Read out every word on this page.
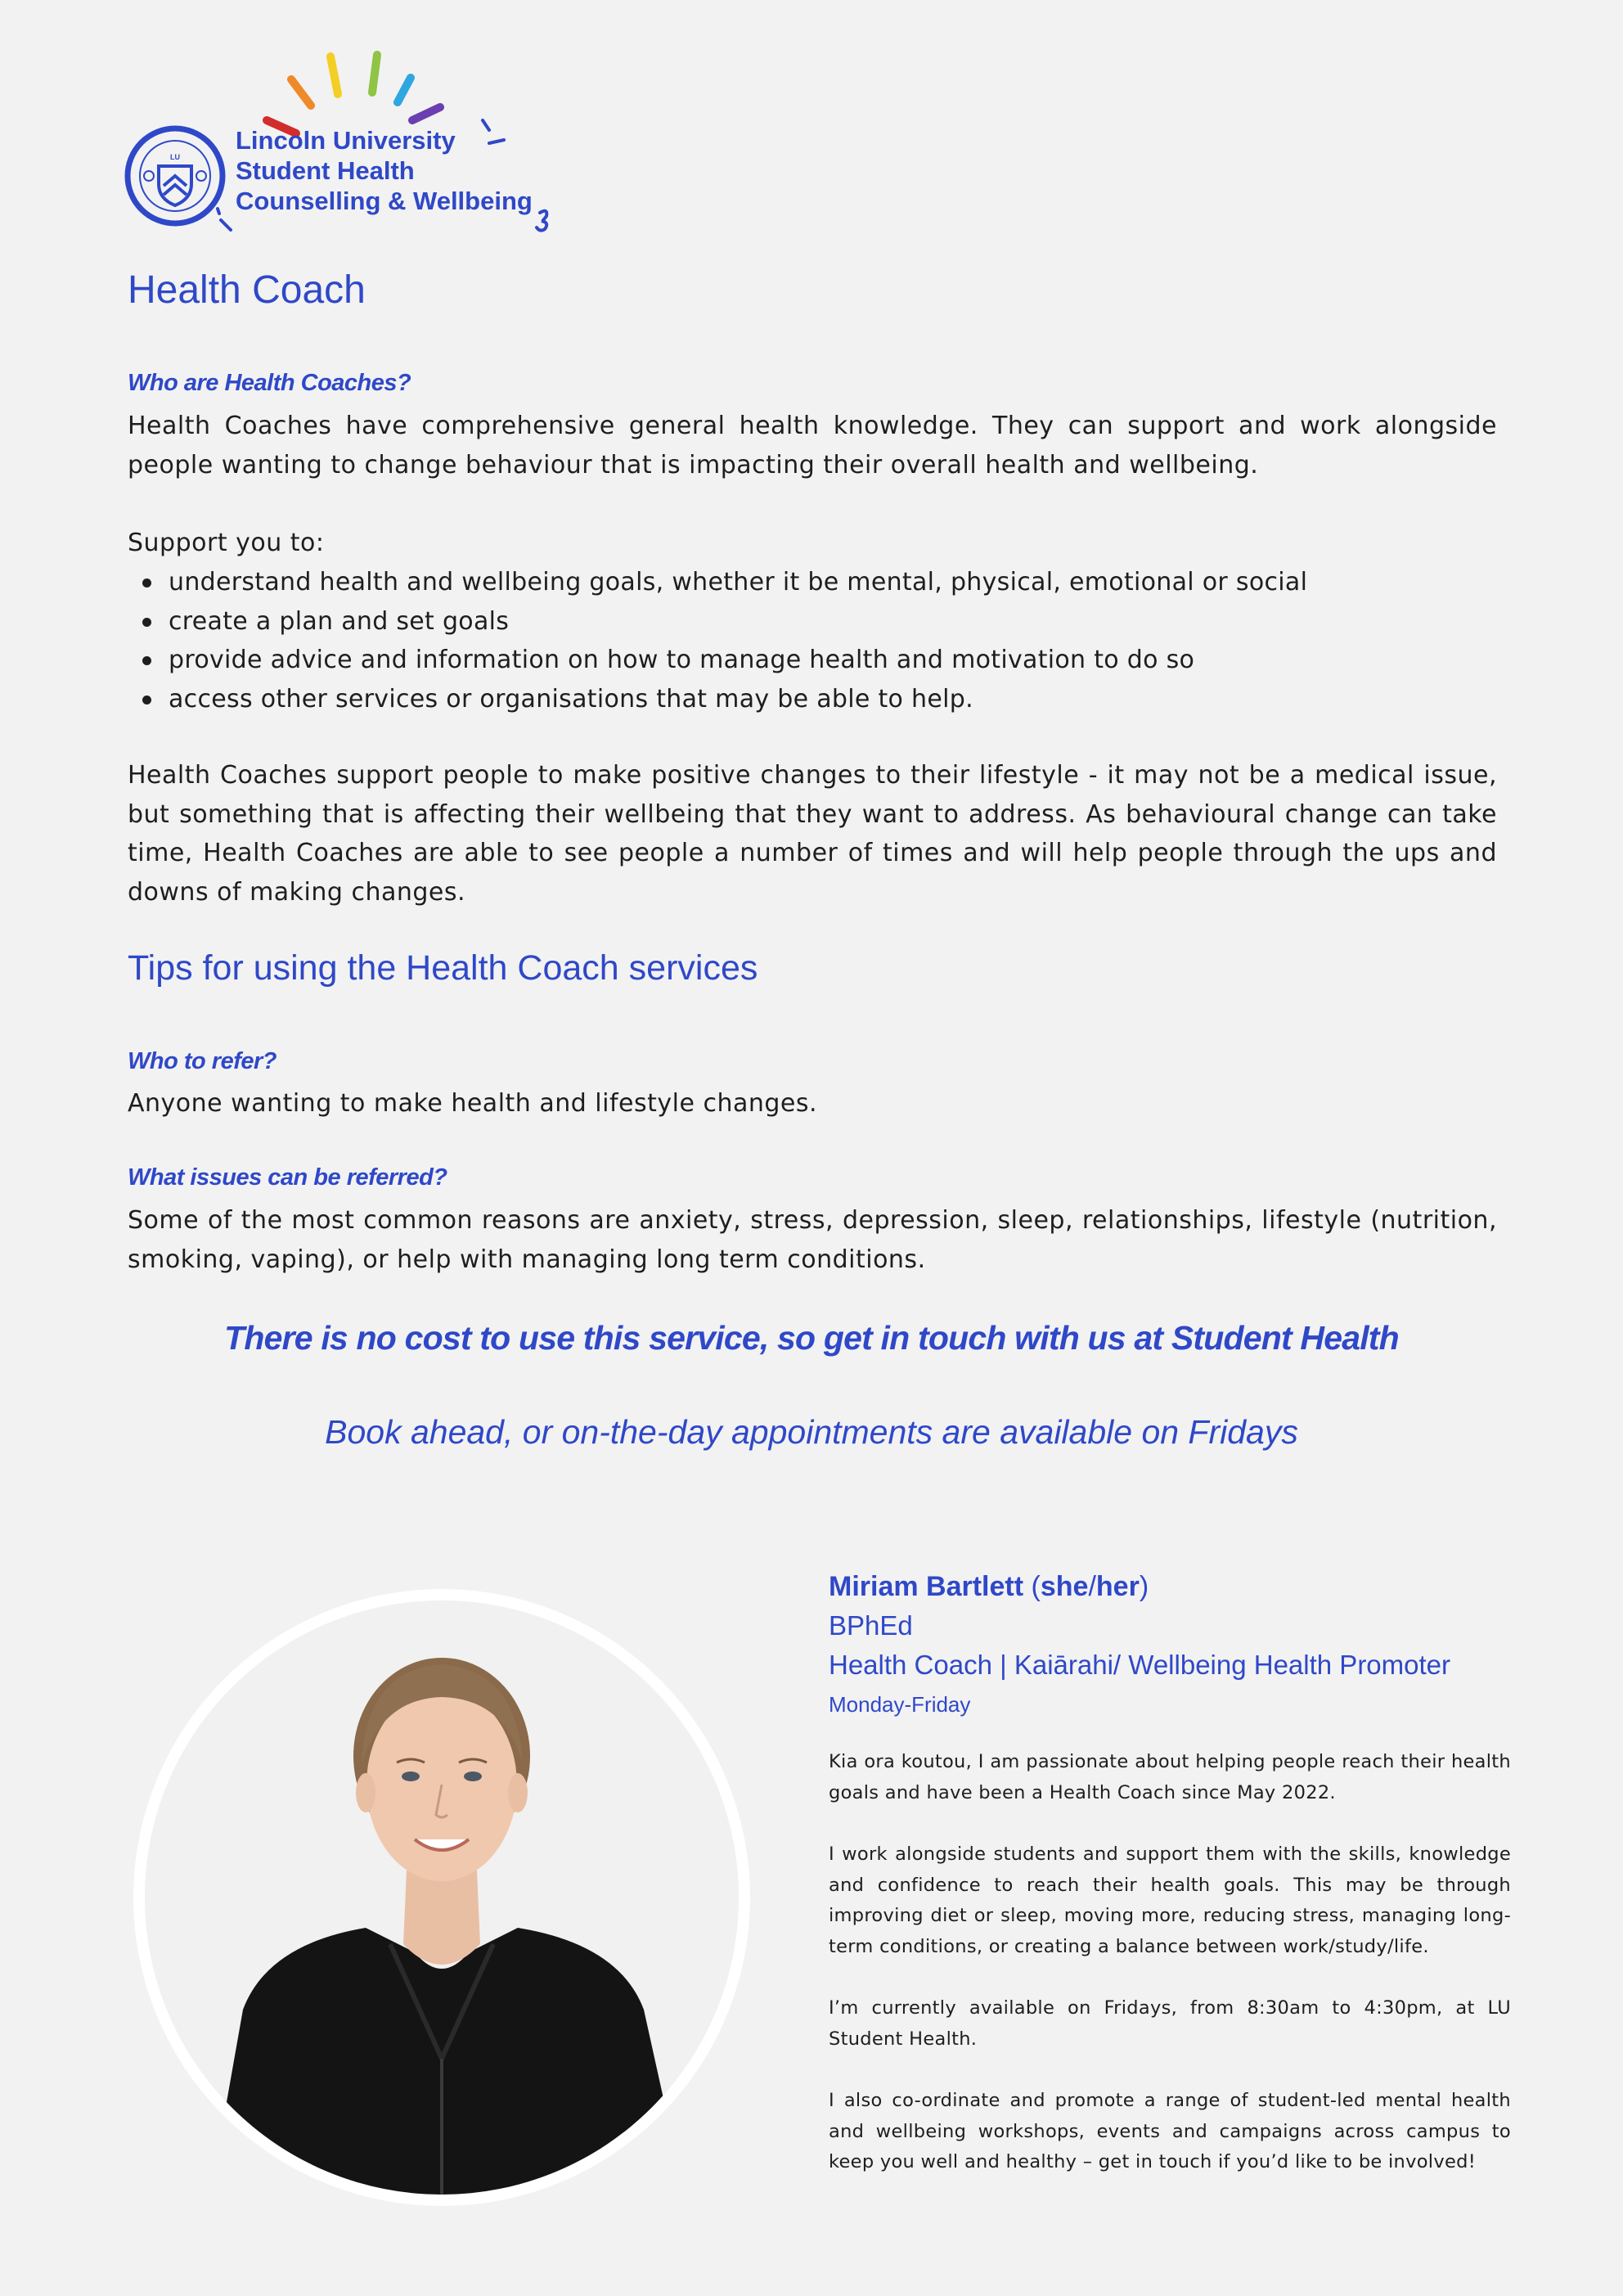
LU
Lincoln University
Student Health
Counselling & Wellbeing
Health Coach
Who are Health Coaches?

Health Coaches have comprehensive general health knowledge. They can support and work alongside people wanting to change behaviour that is impacting their overall health and wellbeing.

Support you to:

understand health and wellbeing goals, whether it be mental, physical, emotional or social
create a plan and set goals
provide advice and information on how to manage health and motivation to do so
access other services or organisations that may be able to help.

Health Coaches support people to make positive changes to their lifestyle - it may not be a medical issue, but something that is affecting their wellbeing that they want to address. As behavioural change can take time, Health Coaches are able to see people a number of times and will help people through the ups and downs of making changes.

Tips for using the Health Coach services
Who to refer?

Anyone wanting to make health and lifestyle changes.

What issues can be referred?

Some of the most common reasons are anxiety, stress, depression, sleep, relationships, lifestyle (nutrition, smoking, vaping), or help with managing long term conditions.

There is no cost to use this service, so get in touch with us at Student Health
Book ahead, or on-the-day appointments are available on Fridays
Miriam Bartlett (she/her)
BPhEd
Health Coach | Kaiārahi/ Wellbeing Health Promoter
Monday-Friday

Kia ora koutou, I am passionate about helping people reach their health goals and have been a Health Coach since May 2022.

I work alongside students and support them with the skills, knowledge and confidence to reach their health goals. This may be through improving diet or sleep, moving more, reducing stress, managing long-term conditions, or creating a balance between work/study/life.

I’m currently available on Fridays, from 8:30am to 4:30pm, at LU Student Health.

I also co-ordinate and promote a range of student-led mental health and wellbeing workshops, events and campaigns across campus to keep you well and healthy – get in touch if you’d like to be involved!
